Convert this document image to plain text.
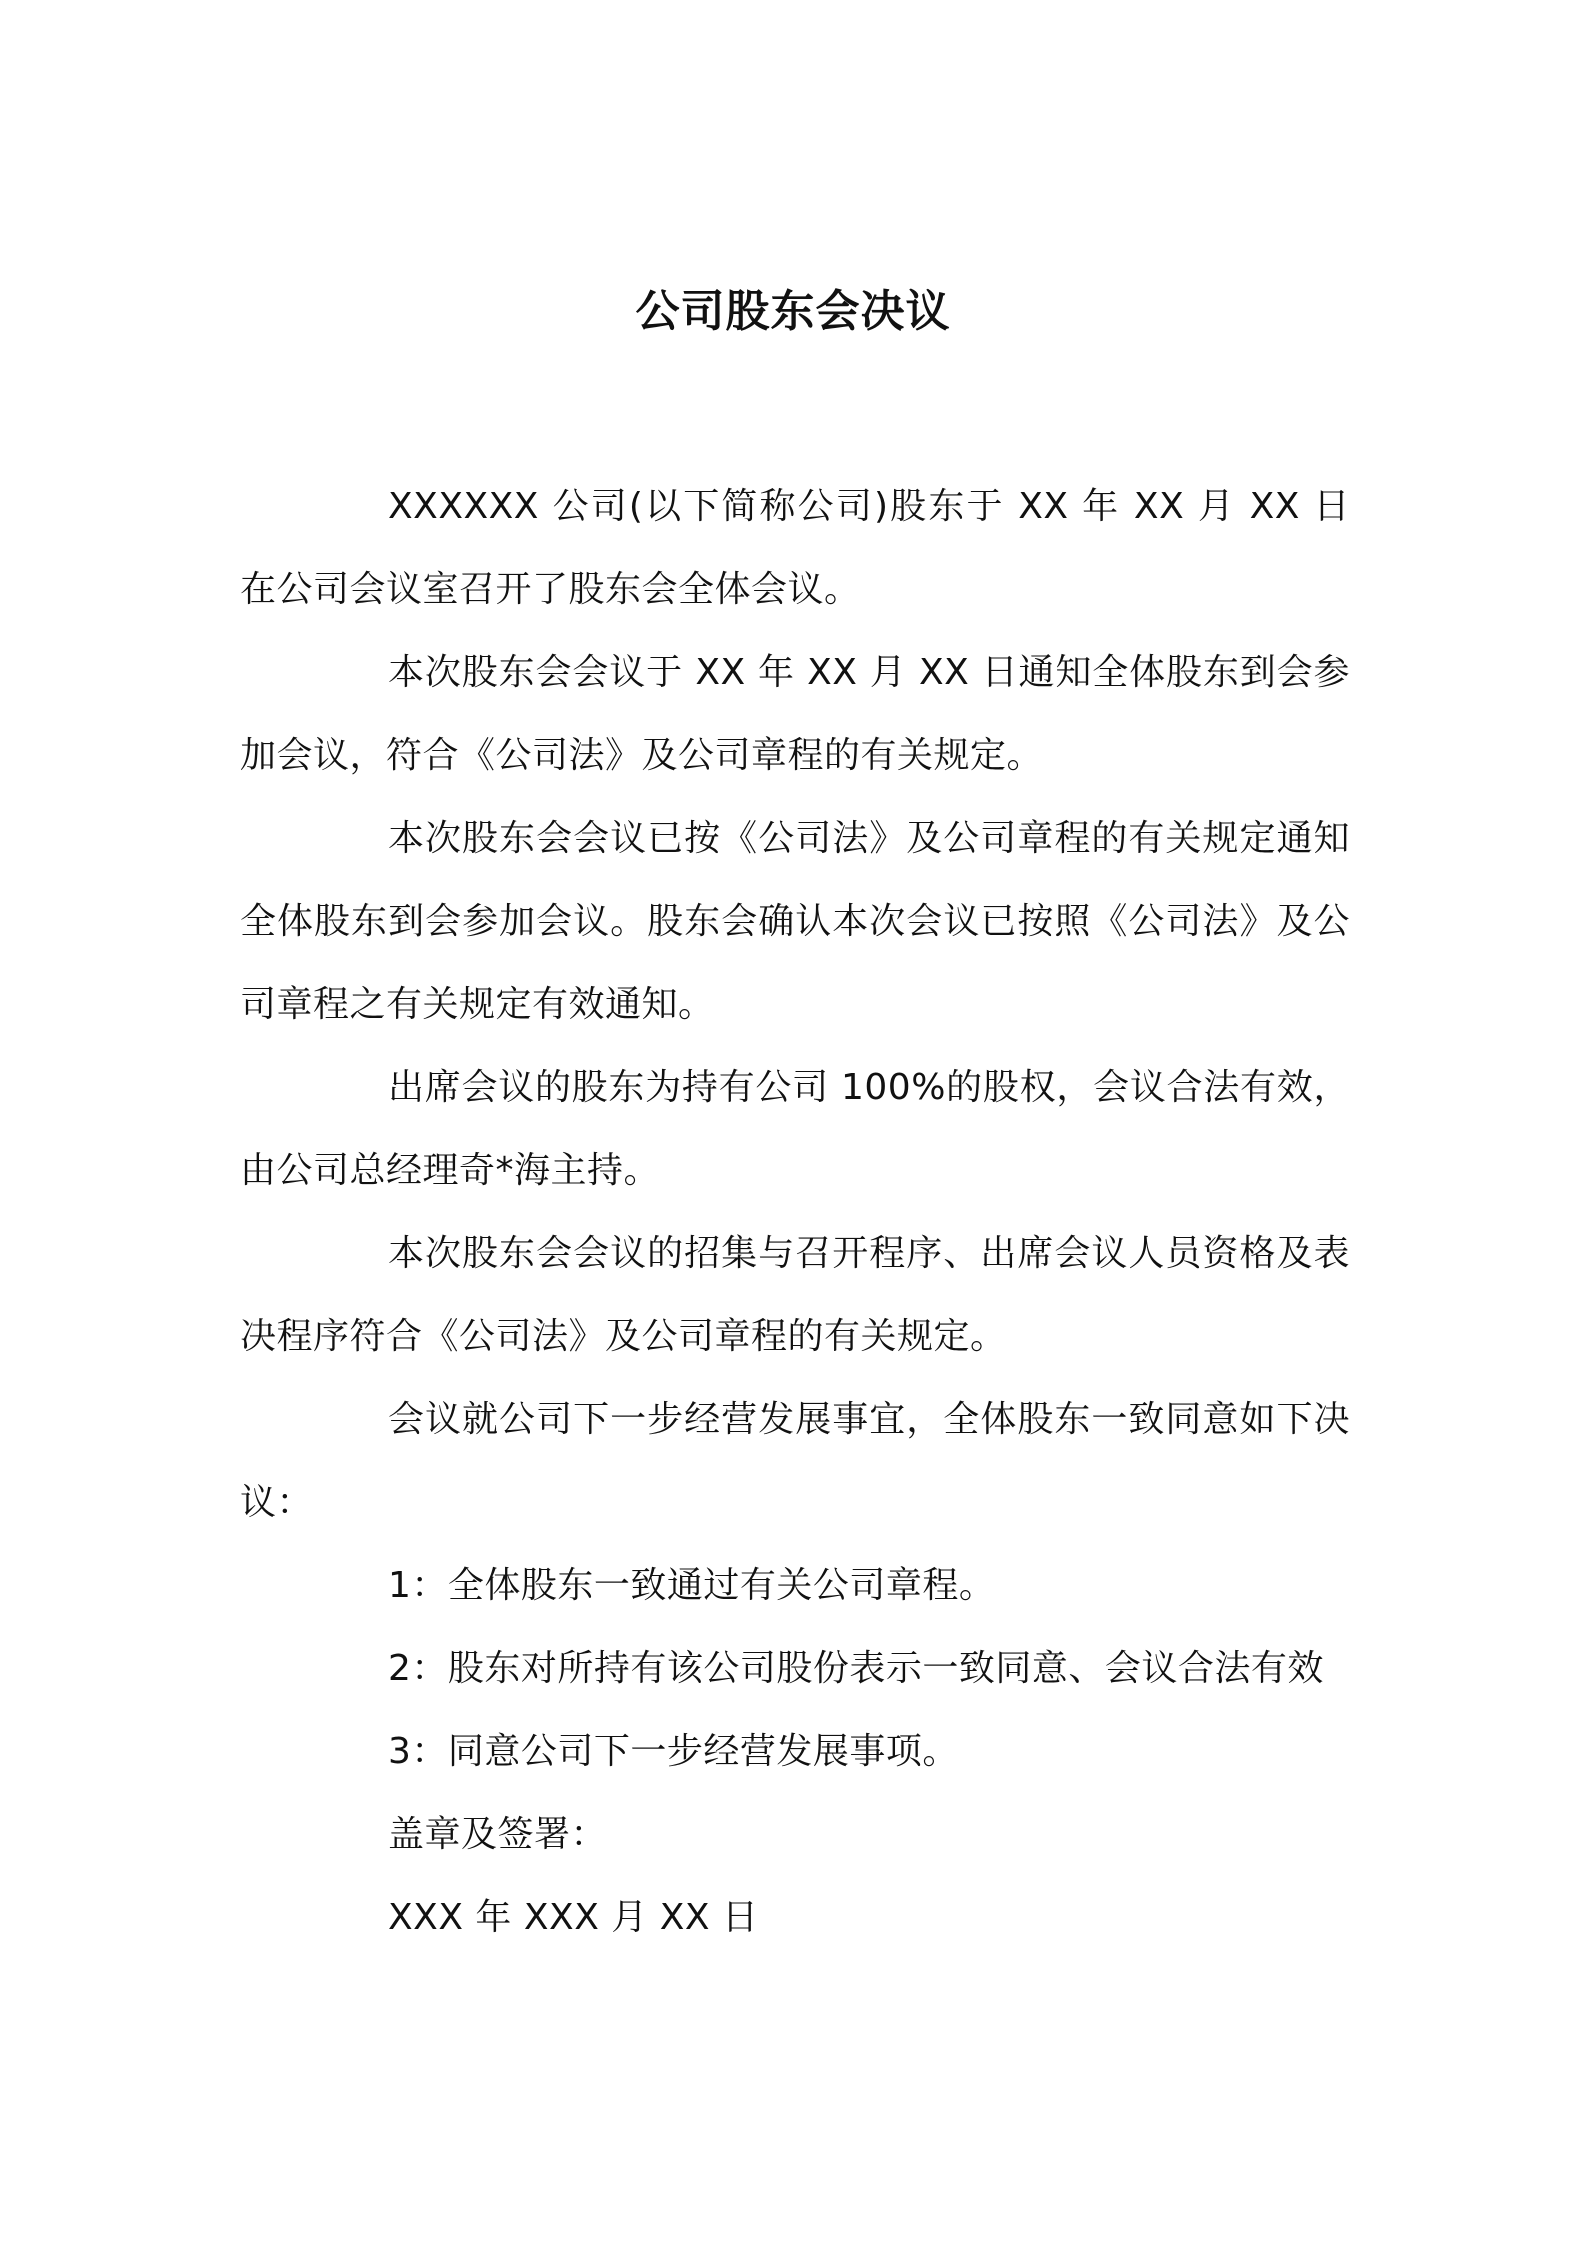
公司股东会决议

XXXXXX 公司(以下简称公司)股东于 XX 年 XX 月 XX 日在公司会议室召开了股东会全体会议。

本次股东会会议于 XX 年 XX 月 XX 日通知全体股东到会参加会议，符合《公司法》及公司章程的有关规定。

本次股东会会议已按《公司法》及公司章程的有关规定通知全体股东到会参加会议。股东会确认本次会议已按照《公司法》及公司章程之有关规定有效通知。

出席会议的股东为持有公司 100%的股权，会议合法有效，由公司总经理奇*海主持。

本次股东会会议的招集与召开程序、出席会议人员资格及表决程序符合《公司法》及公司章程的有关规定。

会议就公司下一步经营发展事宜，全体股东一致同意如下决议：

1：全体股东一致通过有关公司章程。

2：股东对所持有该公司股份表示一致同意、会议合法有效

3：同意公司下一步经营发展事项。

盖章及签署：

XXX 年 XXX 月 XX 日
